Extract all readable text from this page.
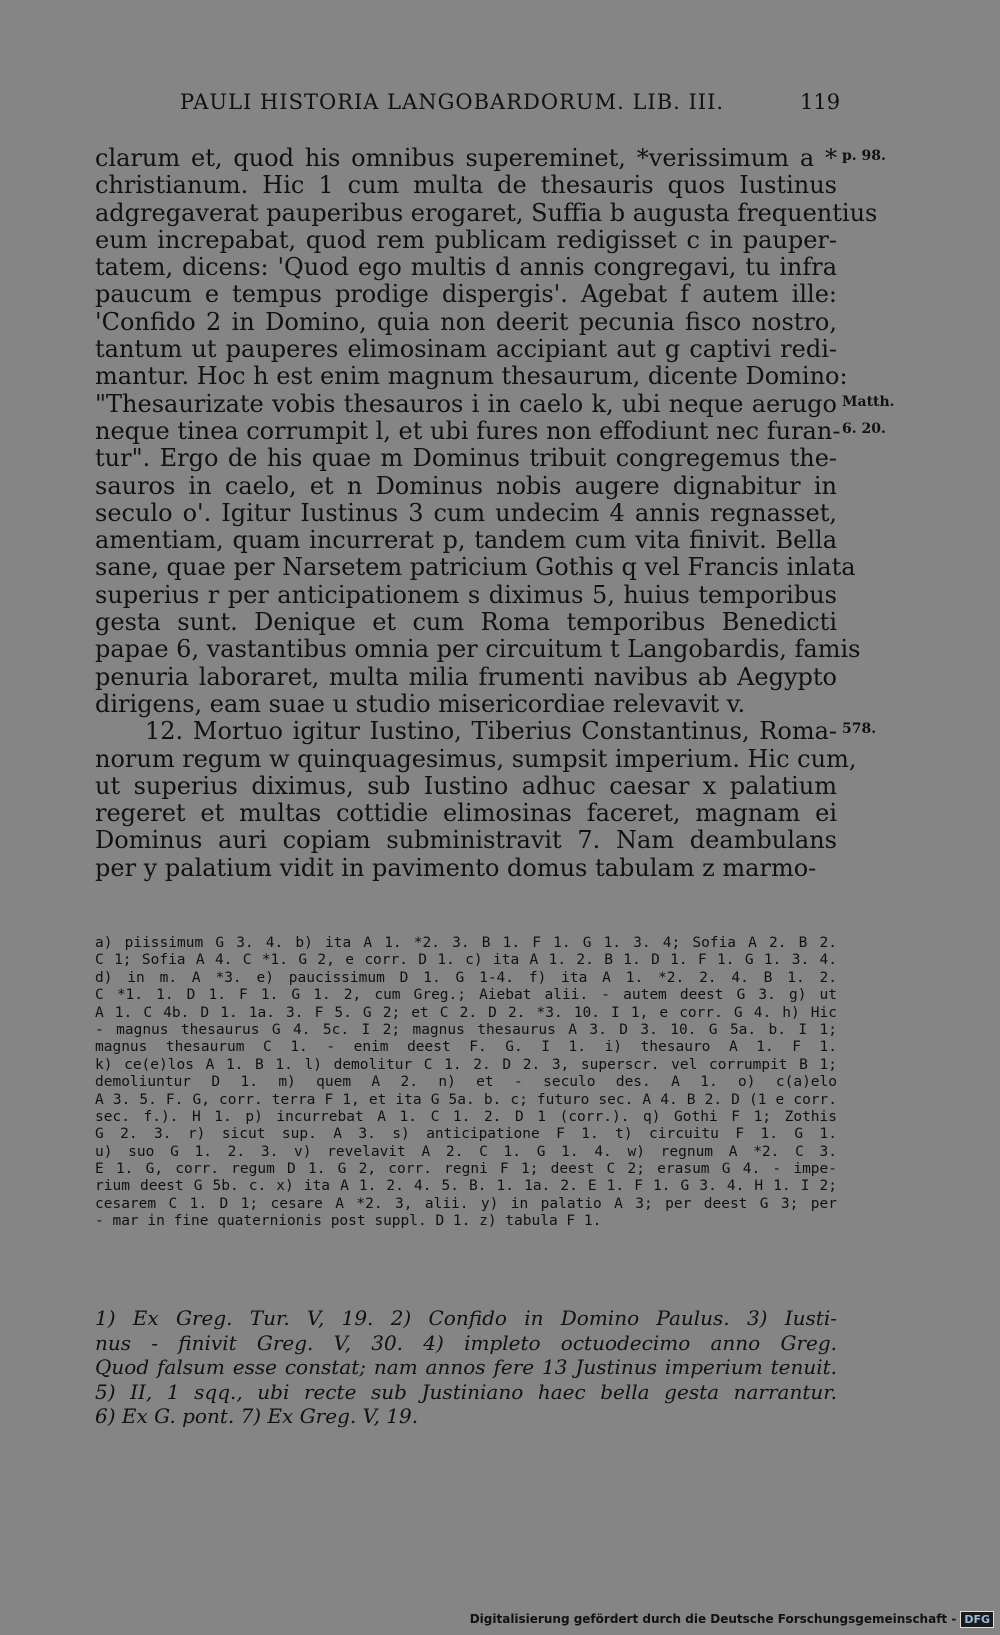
PAULI HISTORIA LANGOBARDORUM. LIB. III.	119
clarum et, quod his omnibus supereminet, *verissimum a *
christianum. Hic 1 cum multa de thesauris quos Iustinus
adgregaverat pauperibus erogaret, Suffia b augusta frequentius
eum increpabat, quod rem publicam redigisset c in pauper-
tatem, dicens: 'Quod ego multis d annis congregavi, tu infra
paucum e tempus prodige dispergis'. Agebat f autem ille:
'Confido 2 in Domino, quia non deerit pecunia fisco nostro,
tantum ut pauperes elimosinam accipiant aut g captivi redi-
mantur. Hoc h est enim magnum thesaurum, dicente Domino:
"Thesaurizate vobis thesauros i in caelo k, ubi neque aerugo
neque tinea corrumpit l, et ubi fures non effodiunt nec furan-
tur". Ergo de his quae m Dominus tribuit congregemus the-
sauros in caelo, et n Dominus nobis augere dignabitur in
seculo o'. Igitur Iustinus 3 cum undecim 4 annis regnasset,
amentiam, quam incurrerat p, tandem cum vita finivit. Bella
sane, quae per Narsetem patricium Gothis q vel Francis inlata
superius r per anticipationem s diximus 5, huius temporibus
gesta sunt. Denique et cum Roma temporibus Benedicti
papae 6, vastantibus omnia per circuitum t Langobardis, famis
penuria laboraret, multa milia frumenti navibus ab Aegypto
dirigens, eam suae u studio misericordiae relevavit v.
12. Mortuo igitur Iustino, Tiberius Constantinus, Roma-
norum regum w quinquagesimus, sumpsit imperium. Hic cum,
ut superius diximus, sub Iustino adhuc caesar x palatium
regeret et multas cottidie elimosinas faceret, magnam ei
Dominus auri copiam subministravit 7. Nam deambulans
per y palatium vidit in pavimento domus tabulam z marmo-
p. 98.
Matth.
6. 20.
578.
a) piissimum G 3. 4. b) ita A 1. *2. 3. B 1. F 1. G 1. 3. 4; Sofia A 2. B 2.
C 1; Sofia A 4. C *1. G 2, e corr. D 1. c) ita A 1. 2. B 1. D 1. F 1. G 1. 3. 4.
d) in m. A *3. e) paucissimum D 1. G 1-4. f) ita A 1. *2. 2. 4. B 1. 2.
C *1. 1. D 1. F 1. G 1. 2, cum Greg.; Aiebat alii. - autem deest G 3. g) ut
A 1. C 4b. D 1. 1a. 3. F 5. G 2; et C 2. D 2. *3. 10. I 1, e corr. G 4. h) Hic
- magnus thesaurus G 4. 5c. I 2; magnus thesaurus A 3. D 3. 10. G 5a. b. I 1;
magnus thesaurum C 1. - enim deest F. G. I 1. i) thesauro A 1. F 1.
k) ce(e)los A 1. B 1. l) demolitur C 1. 2. D 2. 3, superscr. vel corrumpit B 1;
demoliuntur D 1. m) quem A 2. n) et - seculo des. A 1. o) c(a)elo
A 3. 5. F. G, corr. terra F 1, et ita G 5a. b. c; futuro sec. A 4. B 2. D (1 e corr.
sec. f.). H 1. p) incurrebat A 1. C 1. 2. D 1 (corr.). q) Gothi F 1; Zothis
G 2. 3. r) sicut sup. A 3. s) anticipatione F 1. t) circuitu F 1. G 1.
u) suo G 1. 2. 3. v) revelavit A 2. C 1. G 1. 4. w) regnum A *2. C 3.
E 1. G, corr. regum D 1. G 2, corr. regni F 1; deest C 2; erasum G 4. - impe-
rium deest G 5b. c. x) ita A 1. 2. 4. 5. B. 1. 1a. 2. E 1. F 1. G 3. 4. H 1. I 2;
cesarem C 1. D 1; cesare A *2. 3, alii. y) in palatio A 3; per deest G 3; per
- mar in fine quaternionis post suppl. D 1. z) tabula F 1.
1) Ex Greg. Tur. V, 19. 2) Confido in Domino Paulus. 3) Iusti-
nus - finivit Greg. V, 30. 4) impleto octuodecimo anno Greg.
Quod falsum esse constat; nam annos fere 13 Justinus imperium tenuit.
5) II, 1 sqq., ubi recte sub Justiniano haec bella gesta narrantur.
6) Ex G. pont. 7) Ex Greg. V, 19.
Digitalisierung gefördert durch die Deutsche Forschungsgemeinschaft - DFG
